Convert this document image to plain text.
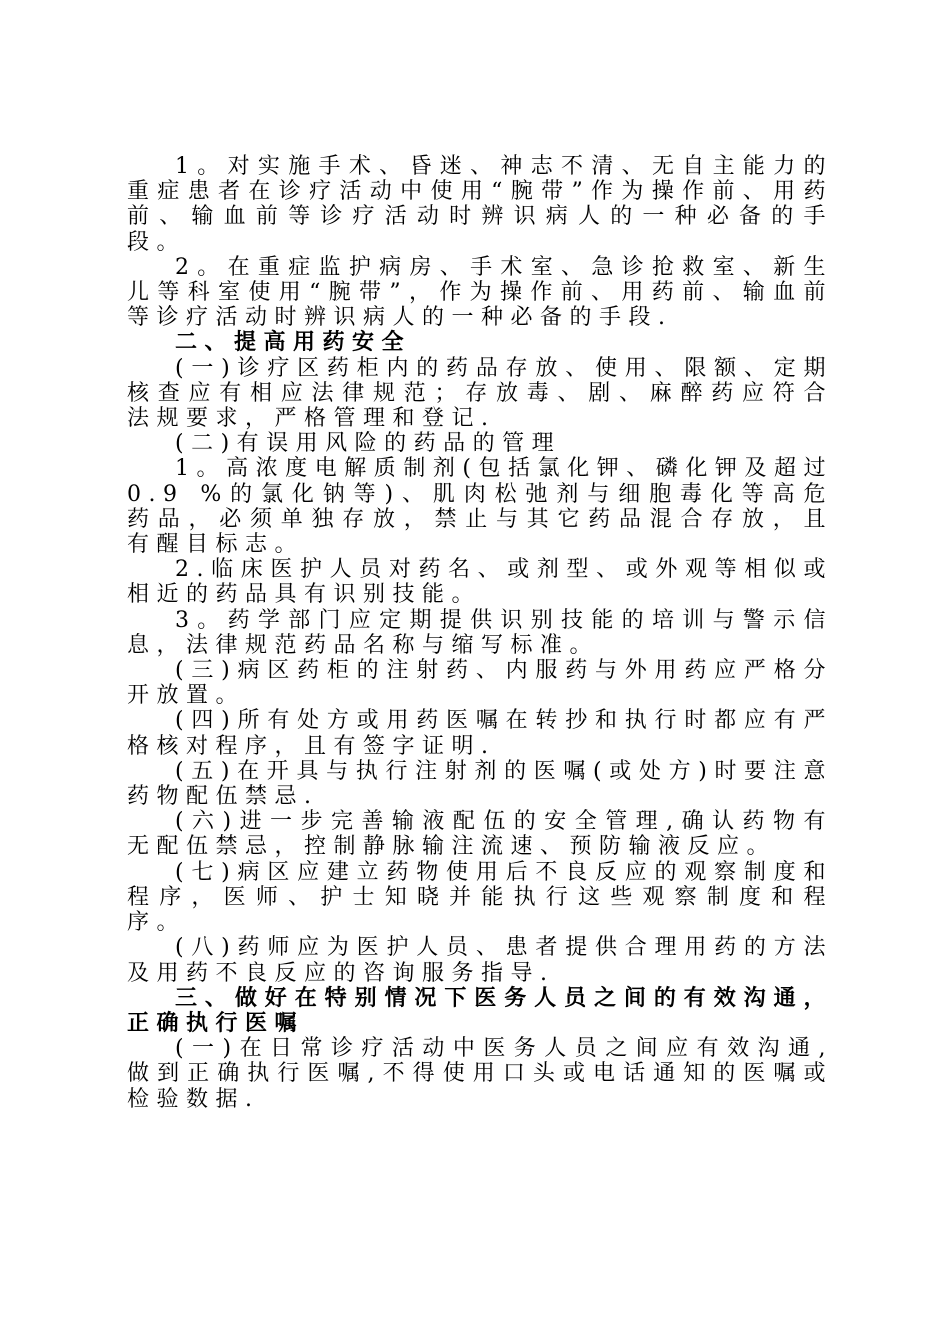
1。对实施手术、昏迷、神志不清、无自主能力的重症患者在诊疗活动中使用“腕带”作为操作前、用药前、输血前等诊疗活动时辨识病人的一种必备的手段。

2。在重症监护病房、手术室、急诊抢救室、新生儿等科室使用“腕带”，作为操作前、用药前、输血前等诊疗活动时辨识病人的一种必备的手段.

二、提高用药安全

(一)诊疗区药柜内的药品存放、使用、限额、定期核查应有相应法律规范；存放毒、剧、麻醉药应符合法规要求，严格管理和登记.

(二)有误用风险的药品的管理

1。高浓度电解质制剂(包括氯化钾、磷化钾及超过0.9 %的氯化钠等)、肌肉松弛剂与细胞毒化等高危药品，必须单独存放，禁止与其它药品混合存放，且有醒目标志。

2.临床医护人员对药名、或剂型、或外观等相似或相近的药品具有识别技能。

3。药学部门应定期提供识别技能的培训与警示信息，法律规范药品名称与缩写标准。

(三)病区药柜的注射药、内服药与外用药应严格分开放置。

(四)所有处方或用药医嘱在转抄和执行时都应有严格核对程序，且有签字证明.

(五)在开具与执行注射剂的医嘱(或处方)时要注意药物配伍禁忌.

(六)进一步完善输液配伍的安全管理,确认药物有无配伍禁忌，控制静脉输注流速、预防输液反应。

(七)病区应建立药物使用后不良反应的观察制度和程序，医师、护士知晓并能执行这些观察制度和程序。

(八)药师应为医护人员、患者提供合理用药的方法及用药不良反应的咨询服务指导.

三、做好在特别情况下医务人员之间的有效沟通，正确执行医嘱

(一)在日常诊疗活动中医务人员之间应有效沟通,做到正确执行医嘱,不得使用口头或电话通知的医嘱或检验数据.
